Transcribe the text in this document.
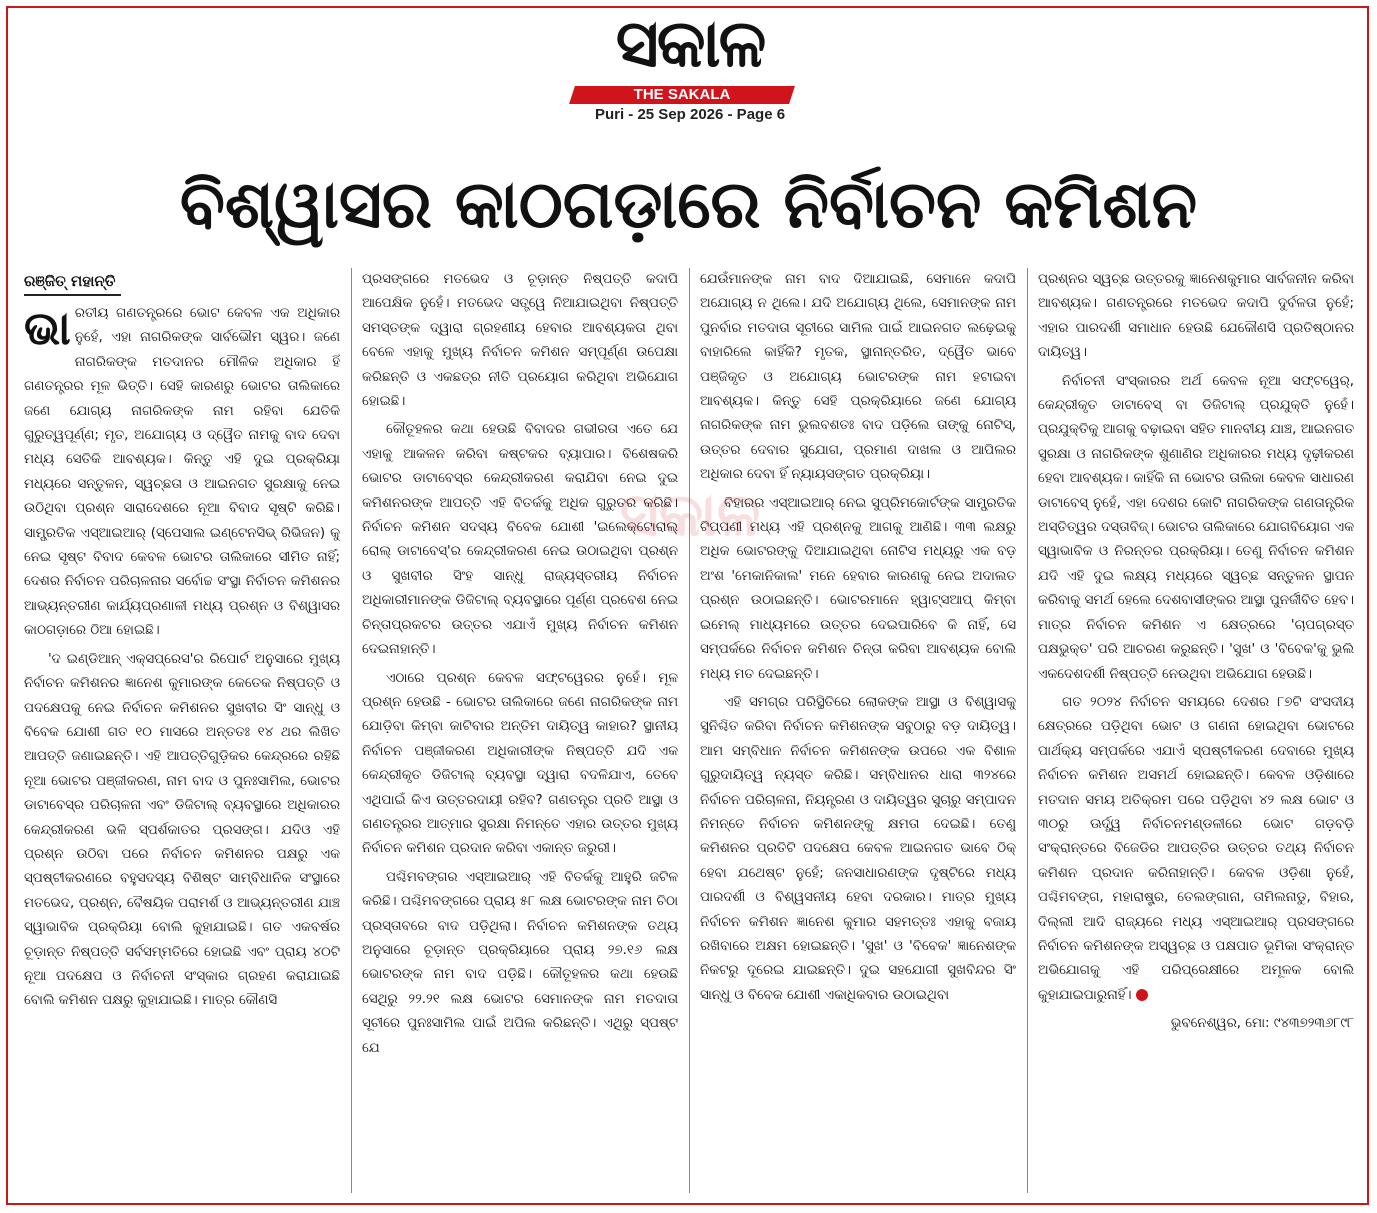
ସକାଳ
THE SAKALA
Puri - 25 Sep 2026 - Page 6
ବିଶ୍ୱାସର କାଠଗଡ଼ାରେ ନିର୍ବାଚନ କମିଶନ
ରଞ୍ଜିତ୍ ମହାନ୍ତି

ଭାରତୀୟ ଗଣତନ୍ତ୍ରରେ ଭୋଟ କେବଳ ଏକ ଅଧିକାର ନୁହେଁ, ଏହା ନାଗରିକଙ୍କ ସାର୍ବଭୌମ ସ୍ୱର। ଜଣେ ନାଗରିକଙ୍କ ମତଦାନର ମୌଳିକ ଅଧିକାର ହିଁ ଗଣତନ୍ତ୍ରର ମୂଳ ଭିତ୍ତି। ସେହି କାରଣରୁ ଭୋଟର ତାଲିକାରେ ଜଣେ ଯୋଗ୍ୟ ନାଗରିକଙ୍କ ନାମ ରହିବା ଯେତିକି ଗୁରୁତ୍ୱପୂର୍ଣ୍ଣ; ମୃତ, ଅଯୋଗ୍ୟ ଓ ଦ୍ୱୈତ ନାମକୁ ବାଦ ଦେବା ମଧ୍ୟ ସେତିକି ଆବଶ୍ୟକ। କିନ୍ତୁ ଏହି ଦୁଇ ପ୍ରକ୍ରିୟା ମଧ୍ୟରେ ସନ୍ତୁଳନ, ସ୍ୱଚ୍ଛତା ଓ ଆଇନଗତ ସୁରକ୍ଷାକୁ ନେଇ ଉଠିଥିବା ପ୍ରଶ୍ନ ସାରାଦେଶରେ ନୂଆ ବିବାଦ ସୃଷ୍ଟି କରିଛି। ସାମ୍ପ୍ରତିକ ଏସ୍ଆଇଆର୍ (ସ୍ପେସାଲ ଇଣ୍ଟେନସିଭ୍ ରିଭିଜନ) କୁ ନେଇ ସୃଷ୍ଟ ବିବାଦ କେବଳ ଭୋଟର ତାଲିକାରେ ସୀମିତ ନାହିଁ; ଦେଶର ନିର୍ବାଚନ ପରିଚାଳନାର ସର୍ବୋଚ୍ଚ ସଂସ୍ଥା ନିର୍ବାଚନ କମିଶନର ଆଭ୍ୟନ୍ତରୀଣ କାର୍ଯ୍ୟପ୍ରଣାଳୀ ମଧ୍ୟ ପ୍ରଶ୍ନ ଓ ବିଶ୍ୱାସର କାଠଗଡ଼ାରେ ଠିଆ ହୋଇଛି।

'ଦ ଇଣ୍ଡିଆନ୍ ଏକ୍ସପ୍ରେସ'ର ରିପୋର୍ଟ ଅନୁସାରେ ମୁଖ୍ୟ ନିର୍ବାଚନ କମିଶନର ଜ୍ଞାନେଶ କୁମାରଙ୍କ କେତେକ ନିଷ୍ପତ୍ତି ଓ ପଦକ୍ଷେପକୁ ନେଇ ନିର୍ବାଚନ କମିଶନର ସୁଖବୀର ସିଂ ସାନ୍ଧୁ ଓ ବିବେକ ଯୋଶୀ ଗତ ୧୦ ମାସରେ ଅନ୍ତତଃ ୧୪ ଥର ଲିଖିତ ଆପତ୍ତି ଜଣାଇଛନ୍ତି। ଏହି ଆପତ୍ତିଗୁଡ଼ିକର କେନ୍ଦ୍ରରେ ରହିଛି ନୂଆ ଭୋଟର ପଞ୍ଜୀକରଣ, ନାମ ବାଦ ଓ ପୁନଃସାମିଲ, ଭୋଟର ଡାଟାବେସ୍‌ର ପରିଚାଳନା ଏବଂ ଡିଜିଟାଲ୍ ବ୍ୟବସ୍ଥାରେ ଅଧିକାରର କେନ୍ଦ୍ରୀକରଣ ଭଳି ସ୍ପର୍ଶକାତର ପ୍ରସଙ୍ଗ। ଯଦିଓ ଏହି ପ୍ରଶ୍ନ ଉଠିବା ପରେ ନିର୍ବାଚନ କମିଶନର ପକ୍ଷରୁ ଏକ ସ୍ପଷ୍ଟୀକରଣରେ ବହୁସଦସ୍ୟ ବିଶିଷ୍ଟ ସାମ୍ବିଧାନିକ ସଂସ୍ଥାରେ ମତଭେଦ, ପ୍ରଶ୍ନ, ବୈଷୟିକ ପରାମର୍ଶ ଓ ଆଭ୍ୟନ୍ତରୀଣ ଯାଞ୍ଚ ସ୍ୱାଭାବିକ ପ୍ରକ୍ରିୟା ବୋଲି କୁହାଯାଇଛି। ଗତ ଏକବର୍ଷର ଚୂଡ଼ାନ୍ତ ନିଷ୍ପତ୍ତି ସର୍ବସମ୍ମତିରେ ହୋଇଛି ଏବଂ ପ୍ରାୟ ୪୦ଟି ନୂଆ ପଦକ୍ଷେପ ଓ ନିର୍ବାଚନୀ ସଂସ୍କାର ଗ୍ରହଣ କରାଯାଇଛି ବୋଲି କମିଶନ ପକ୍ଷରୁ କୁହାଯାଇଛି। ମାତ୍ର କୌଣସି

ପ୍ରସଙ୍ଗରେ ମତଭେଦ ଓ ଚୂଡ଼ାନ୍ତ ନିଷ୍ପତ୍ତି କଦାପି ଆପେକ୍ଷିକ ନୁହେଁ। ମତଭେଦ ସତ୍ତ୍ୱେ ନିଆଯାଇଥିବା ନିଷ୍ପତ୍ତି ସମସ୍ତଙ୍କ ଦ୍ୱାରା ଗ୍ରହଣୀୟ ହେବାର ଆବଶ୍ୟକତା ଥିବା ବେଳେ ଏହାକୁ ମୁଖ୍ୟ ନିର୍ବାଚନ କମିଶନ ସମ୍ପୂର୍ଣ୍ଣ ଉପେକ୍ଷା କରିଛନ୍ତି ଓ ଏକଛତ୍ର ନୀତି ପ୍ରୟୋଗ କରିଥିବା ଅଭିଯୋଗ ହୋଇଛି।

କୌତୂହଳର କଥା ହେଉଛି ବିବାଦର ଗଭୀରତା ଏତେ ଯେ ଏହାକୁ ଆକଳନ କରିବା କଷ୍ଟକର ବ୍ୟାପାର। ବିଶେଷକରି ଭୋଟର ଡାଟାବେସ୍‌ର କେନ୍ଦ୍ରୀକରଣ କରାଯିବା ନେଇ ଦୁଇ କମିଶନରଙ୍କ ଆପତ୍ତି ଏହି ବିତର୍କକୁ ଅଧିକ ଗୁରୁତର କରିଛି। ନିର୍ବାଚନ କମିଶନ ସଦସ୍ୟ ବିବେକ ଯୋଶୀ 'ଇଲେକ୍ଟୋରାଲ୍ ରୋଲ୍ ଡାଟାବେସ୍'ର କେନ୍ଦ୍ରୀକରଣ ନେଇ ଉଠାଇଥିବା ପ୍ରଶ୍ନ ଓ ସୁଖବୀର ସିଂହ ସାନ୍ଧୁ ରାଜ୍ୟସ୍ତରୀୟ ନିର୍ବାଚନ ଅଧିକାରୀମାନଙ୍କ ଡିଜିଟାଲ୍ ବ୍ୟବସ୍ଥାରେ ପୂର୍ଣ୍ଣ ପ୍ରବେଶ ନେଇ ଚିନ୍ତାପ୍ରକଟର ଉତ୍ତର ଏଯାଏଁ ମୁଖ୍ୟ ନିର୍ବାଚନ କମିଶନ ଦେଇନାହାନ୍ତି।

ଏଠାରେ ପ୍ରଶ୍ନ କେବଳ ସଫ୍ଟୱେରର ନୁହେଁ। ମୂଳ ପ୍ରଶ୍ନ ହେଉଛି - ଭୋଟର ତାଲିକାରେ ଜଣେ ନାଗରିକଙ୍କ ନାମ ଯୋଡ଼ିବା କିମ୍ବା କାଟିବାର ଅନ୍ତିମ ଦାୟିତ୍ୱ କାହାର? ସ୍ଥାନୀୟ ନିର୍ବାଚନ ପଞ୍ଜୀକରଣ ଅଧିକାରୀଙ୍କ ନିଷ୍ପତ୍ତି ଯଦି ଏକ କେନ୍ଦ୍ରୀକୃତ ଡିଜିଟାଲ୍ ବ୍ୟବସ୍ଥା ଦ୍ୱାରା ବଦଳିଯାଏ, ତେବେ ଏଥିପାଇଁ କିଏ ଉତ୍ତରଦାୟୀ ରହିବ? ଗଣତନ୍ତ୍ର ପ୍ରତି ଆସ୍ଥା ଓ ଗଣତନ୍ତ୍ରର ଆତ୍ମାର ସୁରକ୍ଷା ନିମନ୍ତେ ଏହାର ଉତ୍ତର ମୁଖ୍ୟ ନିର୍ବାଚନ କମିଶନ ପ୍ରଦାନ କରିବା ଏକାନ୍ତ ଜରୁରୀ।

ପଶ୍ଚିମବଙ୍ଗର ଏସ୍ଆଇଆର୍ ଏହି ବିତର୍କକୁ ଆହୁରି ଜଟିଳ କରିଛି। ପଶ୍ଚିମବଙ୍ଗରେ ପ୍ରାୟ ୫୮ ଲକ୍ଷ ଭୋଟରଙ୍କ ନାମ ଚିଠା ପ୍ରସ୍ତାବରେ ବାଦ ପଡ଼ିଥିଲା। ନିର୍ବାଚନ କମିଶନଙ୍କ ତଥ୍ୟ ଅନୁସାରେ ଚୂଡ଼ାନ୍ତ ପ୍ରକ୍ରିୟାରେ ପ୍ରାୟ ୨୭.୧୬ ଲକ୍ଷ ଭୋଟରଙ୍କ ନାମ ବାଦ ପଡ଼ିଛି। କୌତୂହଳର କଥା ହେଉଛି ସେଥିରୁ ୨୨.୨୧ ଲକ୍ଷ ଭୋଟର ସେମାନଙ୍କ ନାମ ମତଦାତା ସୂଚୀରେ ପୁନଃସାମିଲ ପାଇଁ ଅପିଲ କରିଛନ୍ତି। ଏଥିରୁ ସ୍ପଷ୍ଟ ଯେ

ଯେଉଁମାନଙ୍କ ନାମ ବାଦ ଦିଆଯାଇଛି, ସେମାନେ କଦାପି ଅଯୋଗ୍ୟ ନ ଥିଲେ। ଯଦି ଅଯୋଗ୍ୟ ଥିଲେ, ସେମାନଙ୍କ ନାମ ପୁନର୍ବାର ମତଦାତା ସୂଚୀରେ ସାମିଲ ପାଇଁ ଆଇନଗତ ଲଢ଼େଇକୁ ବାହାରିଲେ କାହିଁକି? ମୃତକ, ସ୍ଥାନାନ୍ତରିତ, ଦ୍ୱୈତ ଭାବେ ପଞ୍ଜିକୃତ ଓ ଅଯୋଗ୍ୟ ଭୋଟରଙ୍କ ନାମ ହଟାଇବା ଆବଶ୍ୟକ। କିନ୍ତୁ ସେହି ପ୍ରକ୍ରିୟାରେ ଜଣେ ଯୋଗ୍ୟ ନାଗରିକଙ୍କ ନାମ ଭୁଲବଶତଃ ବାଦ ପଡ଼ିଲେ ତାଙ୍କୁ ନୋଟିସ୍, ଉତ୍ତର ଦେବାର ସୁଯୋଗ, ପ୍ରମାଣ ଦାଖଲ ଓ ଆପିଲର ଅଧିକାର ଦେବା ହିଁ ନ୍ୟାୟସଙ୍ଗତ ପ୍ରକ୍ରିୟା।

ବିହାରର ଏସ୍ଆଇଆର୍ ନେଇ ସୁପ୍ରିମକୋର୍ଟଙ୍କ ସାମ୍ପ୍ରତିକ ଟିପ୍ପଣୀ ମଧ୍ୟ ଏହି ପ୍ରଶ୍ନକୁ ଆଗକୁ ଆଣିଛି। ୩୩ ଲକ୍ଷରୁ ଅଧିକ ଭୋଟରଙ୍କୁ ଦିଆଯାଇଥିବା ନୋଟିସ ମଧ୍ୟରୁ ଏକ ବଡ଼ ଅଂଶ 'ମେକାନିକାଲ' ମନେ ହେବାର କାରଣକୁ ନେଇ ଅଦାଲତ ପ୍ରଶ୍ନ ଉଠାଇଛନ୍ତି। ଭୋଟରମାନେ ହ୍ୱାଟ୍ସଆପ୍ କିମ୍ବା ଇମେଲ୍ ମାଧ୍ୟମରେ ଉତ୍ତର ଦେଇପାରିବେ କି ନାହିଁ, ସେ ସମ୍ପର୍କରେ ନିର୍ବାଚନ କମିଶନ ଚିନ୍ତା କରିବା ଆବଶ୍ୟକ ବୋଲି ମଧ୍ୟ ମତ ଦେଇଛନ୍ତି।

ଏହି ସମଗ୍ର ପରିସ୍ଥିତିରେ ଲୋକଙ୍କ ଆସ୍ଥା ଓ ବିଶ୍ୱାସକୁ ସୁନିଶ୍ଚିତ କରିବା ନିର୍ବାଚନ କମିଶନଙ୍କ ସବୁଠାରୁ ବଡ଼ ଦାୟିତ୍ୱ। ଆମ ସମ୍ବିଧାନ ନିର୍ବାଚନ କମିଶନଙ୍କ ଉପରେ ଏକ ବିଶାଳ ଗୁରୁଦାୟିତ୍ୱ ନ୍ୟସ୍ତ କରିଛି। ସମ୍ବିଧାନର ଧାରା ୩୨୪ରେ ନିର୍ବାଚନ ପରିଚାଳନା, ନିୟନ୍ତ୍ରଣ ଓ ଦାୟିତ୍ୱର ସୁଚାରୁ ସମ୍ପାଦନ ନିମନ୍ତେ ନିର୍ବାଚନ କମିଶନଙ୍କୁ କ୍ଷମତା ଦେଇଛି। ତେଣୁ କମିଶନର ପ୍ରତିଟି ପଦକ୍ଷେପ କେବଳ ଆଇନଗତ ଭାବେ ଠିକ୍ ହେବା ଯଥେଷ୍ଟ ନୁହେଁ; ଜନସାଧାରଣଙ୍କ ଦୃଷ୍ଟିରେ ମଧ୍ୟ ପାରଦର୍ଶୀ ଓ ବିଶ୍ୱସନୀୟ ହେବା ଦରକାର। ମାତ୍ର ମୁଖ୍ୟ ନିର୍ବାଚନ କମିଶନ ଜ୍ଞାନେଶ କୁମାର ସହମତ୍ତଃ ଏହାକୁ ବଜାୟ ରଖିବାରେ ଅକ୍ଷମ ହୋଇଛନ୍ତି। 'ସୁଖ' ଓ 'ବିବେକ' ଜ୍ଞାନେଶଙ୍କ ନିକଟରୁ ଦୂରେଇ ଯାଇଛନ୍ତି। ଦୁଇ ସହଯୋଗୀ ସୁଖବିନ୍ଦର ସିଂ ସାନ୍ଧୁ ଓ ବିବେକ ଯୋଶୀ ଏକାଧିକବାର ଉଠାଇଥିବା

ପ୍ରଶ୍ନର ସ୍ୱଚ୍ଛ ଉତ୍ତରକୁ ଜ୍ଞାନେଶକୁମାର ସାର୍ବଜନୀନ କରିବା ଆବଶ୍ୟକ। ଗଣତନ୍ତ୍ରରେ ମତଭେଦ କଦାପି ଦୁର୍ବଳତା ନୁହେଁ; ଏହାର ପାରଦର୍ଶୀ ସମାଧାନ ହେଉଛି ଯେକୌଣସି ପ୍ରତିଷ୍ଠାନର ଦାୟିତ୍ୱ।

ନିର୍ବାଚନୀ ସଂସ୍କାରର ଅର୍ଥ କେବଳ ନୂଆ ସଫ୍ଟୱେର୍, କେନ୍ଦ୍ରୀକୃତ ଡାଟାବେସ୍ ବା ଡିଜିଟାଲ୍ ପ୍ରଯୁକ୍ତି ନୁହେଁ। ପ୍ରଯୁକ୍ତିକୁ ଆଗକୁ ବଢ଼ାଇବା ସହିତ ମାନବୀୟ ଯାଞ୍ଚ, ଆଇନଗତ ସୁରକ୍ଷା ଓ ନାଗରିକଙ୍କ ଶୁଣାଣିର ଅଧିକାରର ମଧ୍ୟ ଦୃଢ଼ୀକରଣ ହେବା ଆବଶ୍ୟକ। କାହିଁକି ନା ଭୋଟର ତାଲିକା କେବଳ ସାଧାରଣ ଡାଟାବେସ୍ ନୁହେଁ, ଏହା ଦେଶର କୋଟି ନାଗରିକଙ୍କ ଗଣତାନ୍ତ୍ରିକ ଅସ୍ତିତ୍ୱର ଦସ୍ତାବିଜ୍। ଭୋଟର ତାଲିକାରେ ଯୋଗବିୟୋଗ ଏକ ସ୍ୱାଭାବିକ ଓ ନିରନ୍ତର ପ୍ରକ୍ରିୟା। ତେଣୁ ନିର୍ବାଚନ କମିଶନ ଯଦି ଏହି ଦୁଇ ଲକ୍ଷ୍ୟ ମଧ୍ୟରେ ସ୍ୱଚ୍ଛ ସନ୍ତୁଳନ ସ୍ଥାପନ କରିବାକୁ ସମର୍ଥ ହେଲେ ଦେଶବାସୀଙ୍କର ଆସ୍ଥା ପୁନର୍ଜୀବିତ ହେବ। ମାତ୍ର ନିର୍ବାଚନ କମିଶନ ଏ କ୍ଷେତ୍ରରେ 'ଚାପଗ୍ରସ୍ତ ପକ୍ଷଭୁକ୍ତ' ପରି ଆଚରଣ କରୁଛନ୍ତି। 'ସୁଖ' ଓ 'ବିବେକ'କୁ ଭୁଲି ଏକଦେଶଦର୍ଶୀ ନିଷ୍ପତ୍ତି ନେଉଥିବା ଅଭିଯୋଗ ହେଉଛି।

ଗତ ୨୦୨୪ ନିର୍ବାଚନ ସମୟରେ ଦେଶର ୮୭ଟି ସଂସଦୀୟ କ୍ଷେତ୍ରରେ ପଡ଼ିଥିବା ଭୋଟ ଓ ଗଣନା ହୋଇଥିବା ଭୋଟରେ ପାର୍ଥକ୍ୟ ସମ୍ପର୍କରେ ଏଯାଏଁ ସ୍ପଷ୍ଟୀକରଣ ଦେବାରେ ମୁଖ୍ୟ ନିର୍ବାଚନ କମିଶନ ଅସମର୍ଥ ହୋଇଛନ୍ତି। କେବଳ ଓଡ଼ିଶାରେ ମତଦାନ ସମୟ ଅତିକ୍ରମ ପରେ ପଡ଼ିଥିବା ୪୨ ଲକ୍ଷ ଭୋଟ ଓ ୩୦ରୁ ଊର୍ଦ୍ଧ୍ୱ ନିର୍ବାଚନମଣ୍ଡଳୀରେ ଭୋଟ ଗଡ଼ବଡ଼ି ସଂକ୍ରାନ୍ତରେ ବିଜେଡିର ଆପତ୍ତିର ଉତ୍ତର ତଥ୍ୟ ନିର୍ବାଚନ କମିଶନ ପ୍ରଦାନ କରିନାହାନ୍ତି। କେବଳ ଓଡ଼ିଶା ନୁହେଁ, ପଶ୍ଚିମବଙ୍ଗ, ମହାରାଷ୍ଟ୍ର, ତେଲଙ୍ଗାନା, ତାମିଲନାଡୁ, ବିହାର, ଦିଲ୍ଲୀ ଆଦି ରାଜ୍ୟରେ ମଧ୍ୟ ଏସ୍ଆଇଆର୍ ପ୍ରସଙ୍ଗରେ ନିର୍ବାଚନ କମିଶନଙ୍କ ଅସ୍ୱଚ୍ଛ ଓ ପକ୍ଷପାତ ଭୂମିକା ସଂକ୍ରାନ୍ତ ଅଭିଯୋଗକୁ ଏହି ପରିପ୍ରେକ୍ଷୀରେ ଅମୂଳକ ବୋଲି କୁହାଯାଇପାରୁନାହିଁ।

ଭୁବନେଶ୍ୱର, ମୋ: ୯୪୩୭୨୩୬୮୯୮
ସକାଳ
